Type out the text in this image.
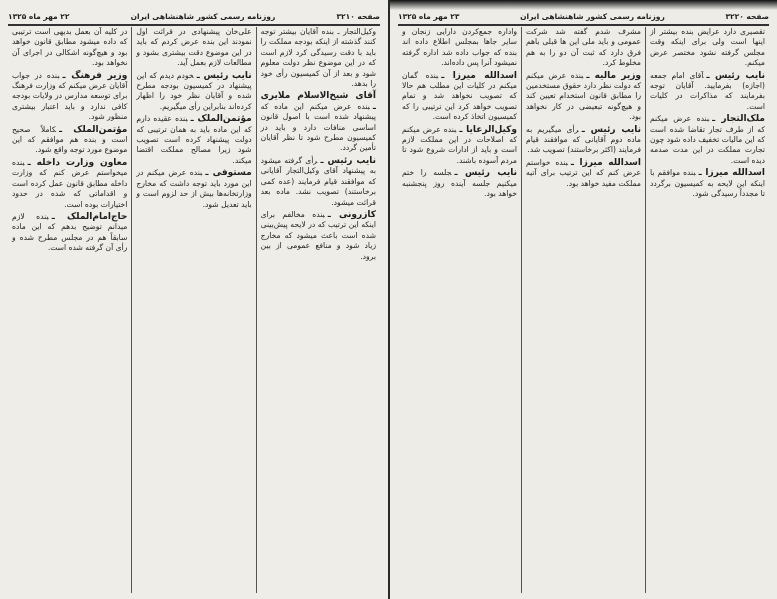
صفحه ۳۲۱۰
روزنامه رسمی کشور شاهنشاهی ایران
۲۲ مهر ماه ۱۳۲۵

وکیل‌التجار ـ بنده آقایان بیشتر توجه کنند گذشته از اینکه بودجه مملکت را باید با دقت رسیدگی کرد لازم است که در این موضوع نظر دولت معلوم شود و بعد از آن کمیسیون رأی خود را بدهد.

آقای شیخ‌الاسلام ملایری ـبنده عرض میکنم این ماده که پیشنهاد شده است با اصول قانون اساسی منافات دارد و باید در کمیسیون مطرح شود تا نظر آقایان تأمین گردد.

نایب رئیس ـرأی گرفته میشود به پیشنهاد آقای وکیل‌التجار آقایانی که موافقند قیام فرمایند (عده کمی برخاستند) تصویب نشد. ماده بعد قرائت میشود.

کازرونی ـبنده مخالفم برای اینکه این ترتیب که در لایحه پیش‌بینی شده است باعث میشود که مخارج زیاد شود و منافع عمومی از بین برود.

علی‌خان پیشنهادی در قرائت اول نمودند این بنده عرض کردم که باید در این موضوع دقت بیشتری بشود و مطالعات لازم بعمل آید.

نایب رئیس ـخودم دیدم که این پیشنهاد در کمیسیون بودجه مطرح شده و آقایان نظر خود را اظهار کرده‌اند بنابراین رأی میگیریم.

مؤتمن‌الملک ـبنده عقیده دارم که این ماده باید به همان ترتیبی که دولت پیشنهاد کرده است تصویب شود زیرا مصالح مملکت اقتضا میکند.

مستوفی ـبنده عرض میکنم در این مورد باید توجه داشت که مخارج وزارتخانه‌ها بیش از حد لزوم است و باید تعدیل شود.

در کلیه آن بعمل بدیهی است ترتیبی که داده میشود مطابق قانون خواهد بود و هیچ‌گونه اشکالی در اجرای آن نخواهد بود.

وزیر فرهنگ ـبنده در جواب آقایان عرض میکنم که وزارت فرهنگ برای توسعه مدارس در ولایات بودجه کافی ندارد و باید اعتبار بیشتری منظور شود.

مؤتمن‌الملک ـکاملاً صحیح است و بنده هم موافقم که این موضوع مورد توجه واقع شود.

معاون وزارت داخله ـبنده میخواستم عرض کنم که وزارت داخله مطابق قانون عمل کرده است و اقداماتی که شده در حدود اختیارات بوده است.

حاج‌امام‌الملک ـبنده لازم میدانم توضیح بدهم که این ماده سابقاً هم در مجلس مطرح شده و رأی آن گرفته شده است.

صفحه ۳۲۲۰
روزنامه رسمی کشور شاهنشاهی ایران
۲۳ مهر ماه ۱۳۲۵

تقصیری دارد عرایض بنده بیشتر از اینها است ولی برای اینکه وقت مجلس گرفته نشود مختصر عرض میکنم.

نایب رئیس ـآقای امام جمعه (اجازه) بفرمایید. آقایان توجه بفرمایند که مذاکرات در کلیات است.

ملک‌التجار ـبنده عرض میکنم که از طرف تجار تقاضا شده است که این مالیات تخفیف داده شود چون تجارت مملکت در این مدت صدمه دیده است.

اسدالله میرزا ـبنده موافقم با اینکه این لایحه به کمیسیون برگردد تا مجدداً رسیدگی شود.

مشرف شدم گفته شد شرکت عمومی و باید ملی این ها قبلی باهم فرق دارد که ثبت آن دو را به هم مخلوط کرد.

وزیر مالیه ـبنده عرض میکنم که دولت نظر دارد حقوق مستخدمین را مطابق قانون استخدام تعیین کند و هیچ‌گونه تبعیضی در کار نخواهد بود.

نایب رئیس ـرأی میگیریم به ماده دوم آقایانی که موافقند قیام فرمایند (اکثر برخاستند) تصویب شد.

اسدالله میرزا ـبنده خواستم عرض کنم که این ترتیب برای آتیه مملکت مفید خواهد بود.

واداره جمع‌کردن دارایی زنجان و سایر جاها بمجلس اطلاع داده اند بنده که جواب داده شد اداره گرفته نمیشود آنرا پس داده‌اند.

اسدالله میرزا ـبنده گمان میکنم در کلیات این مطلب هم حالا که تصویب نخواهد شد و تمام تصویب خواهد کرد این ترتیبی را که کمیسیون اتخاذ کرده است.

وکیل‌الرعایا ـبنده عرض میکنم که اصلاحات در این مملکت لازم است و باید از ادارات شروع شود تا مردم آسوده باشند.

نایب رئیس ـجلسه را ختم میکنیم جلسه آینده روز پنجشنبه خواهد بود.
